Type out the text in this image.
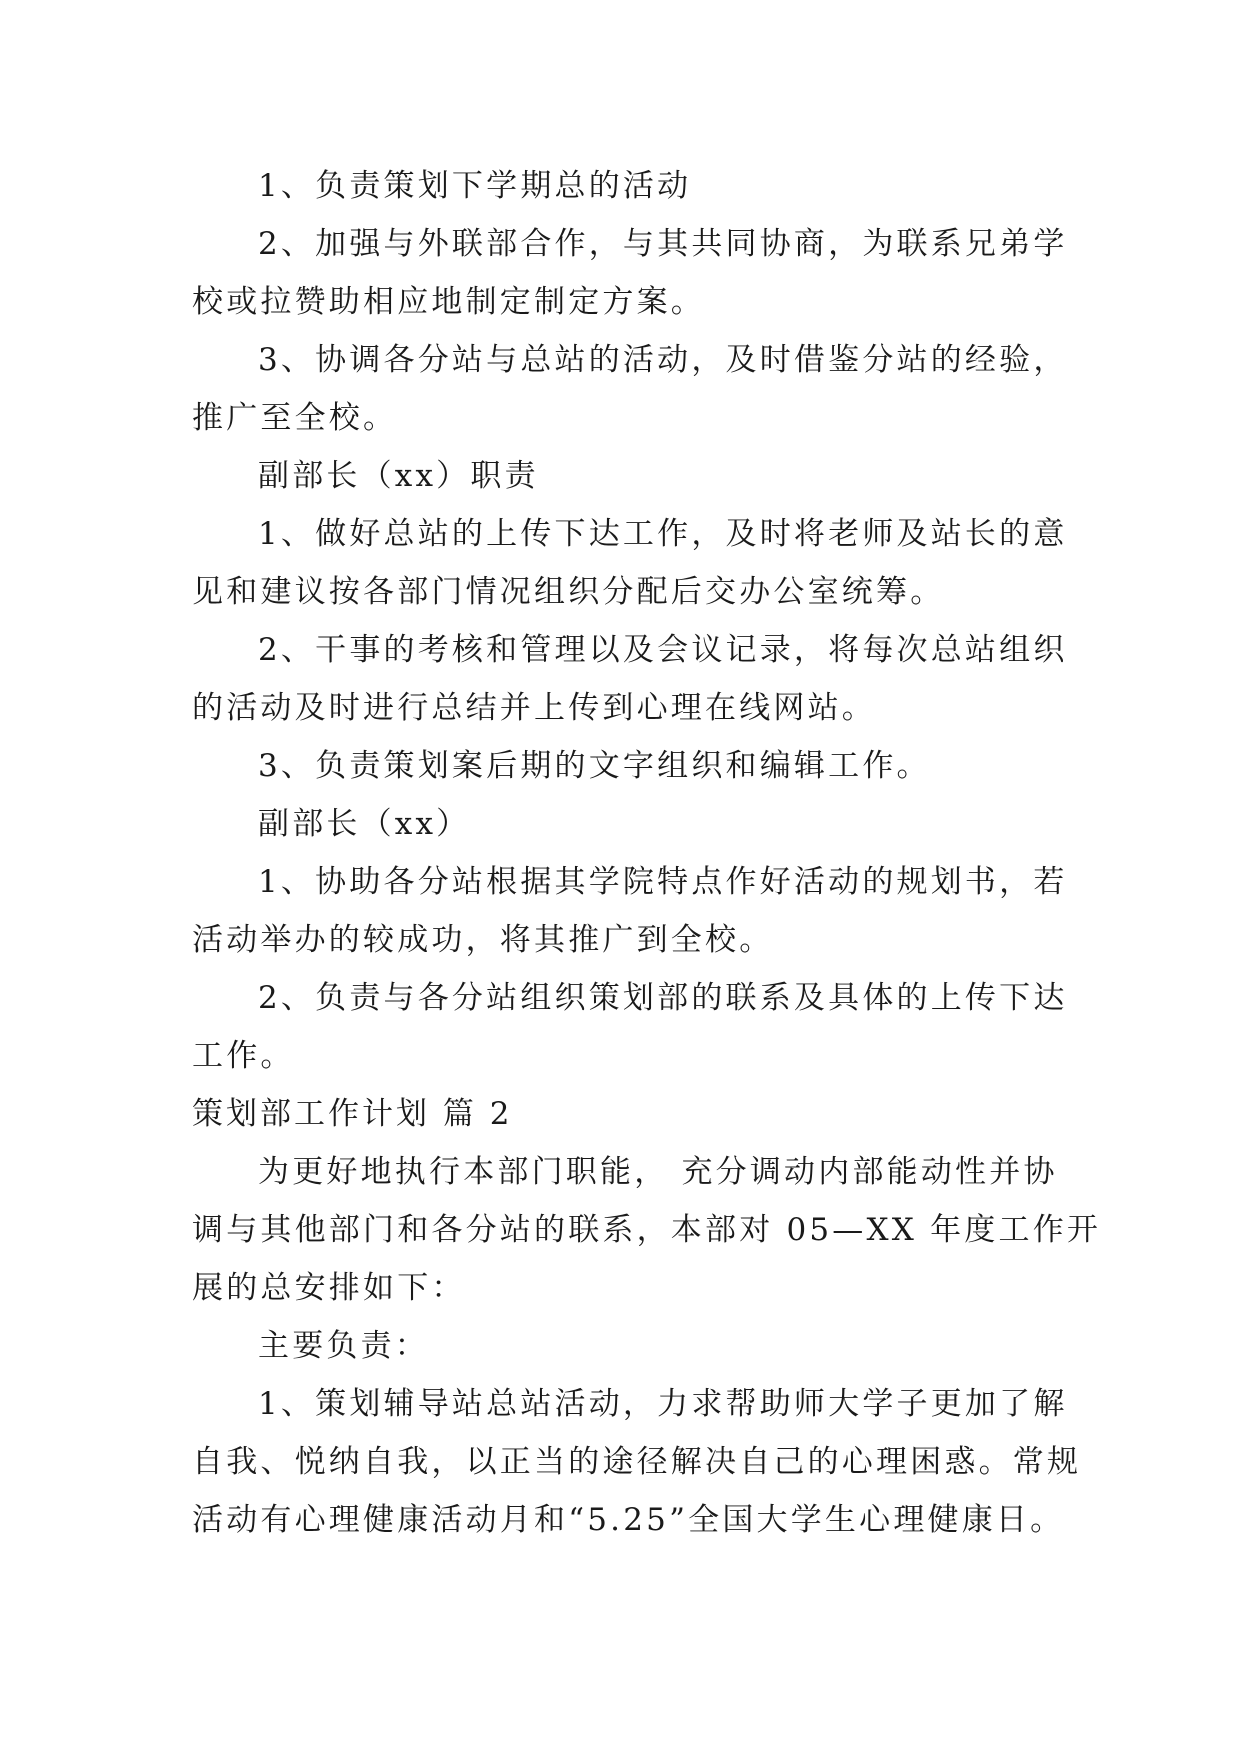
1、负责策划下学期总的活动
2、加强与外联部合作，与其共同协商，为联系兄弟学
校或拉赞助相应地制定制定方案。
3、协调各分站与总站的活动，及时借鉴分站的经验，
推广至全校。
副部长（xx）职责
1、做好总站的上传下达工作，及时将老师及站长的意
见和建议按各部门情况组织分配后交办公室统筹。
2、干事的考核和管理以及会议记录，将每次总站组织
的活动及时进行总结并上传到心理在线网站。
3、负责策划案后期的文字组织和编辑工作。
副部长（xx）
1、协助各分站根据其学院特点作好活动的规划书，若
活动举办的较成功，将其推广到全校。
2、负责与各分站组织策划部的联系及具体的上传下达
工作。
策划部工作计划 篇 2
为更好地执行本部门职能， 充分调动内部能动性并协
调与其他部门和各分站的联系，本部对 05—XX 年度工作开
展的总安排如下：
主要负责：
1、策划辅导站总站活动，力求帮助师大学子更加了解
自我、悦纳自我，以正当的途径解决自己的心理困惑。常规
活动有心理健康活动月和“5.25”全国大学生心理健康日。
